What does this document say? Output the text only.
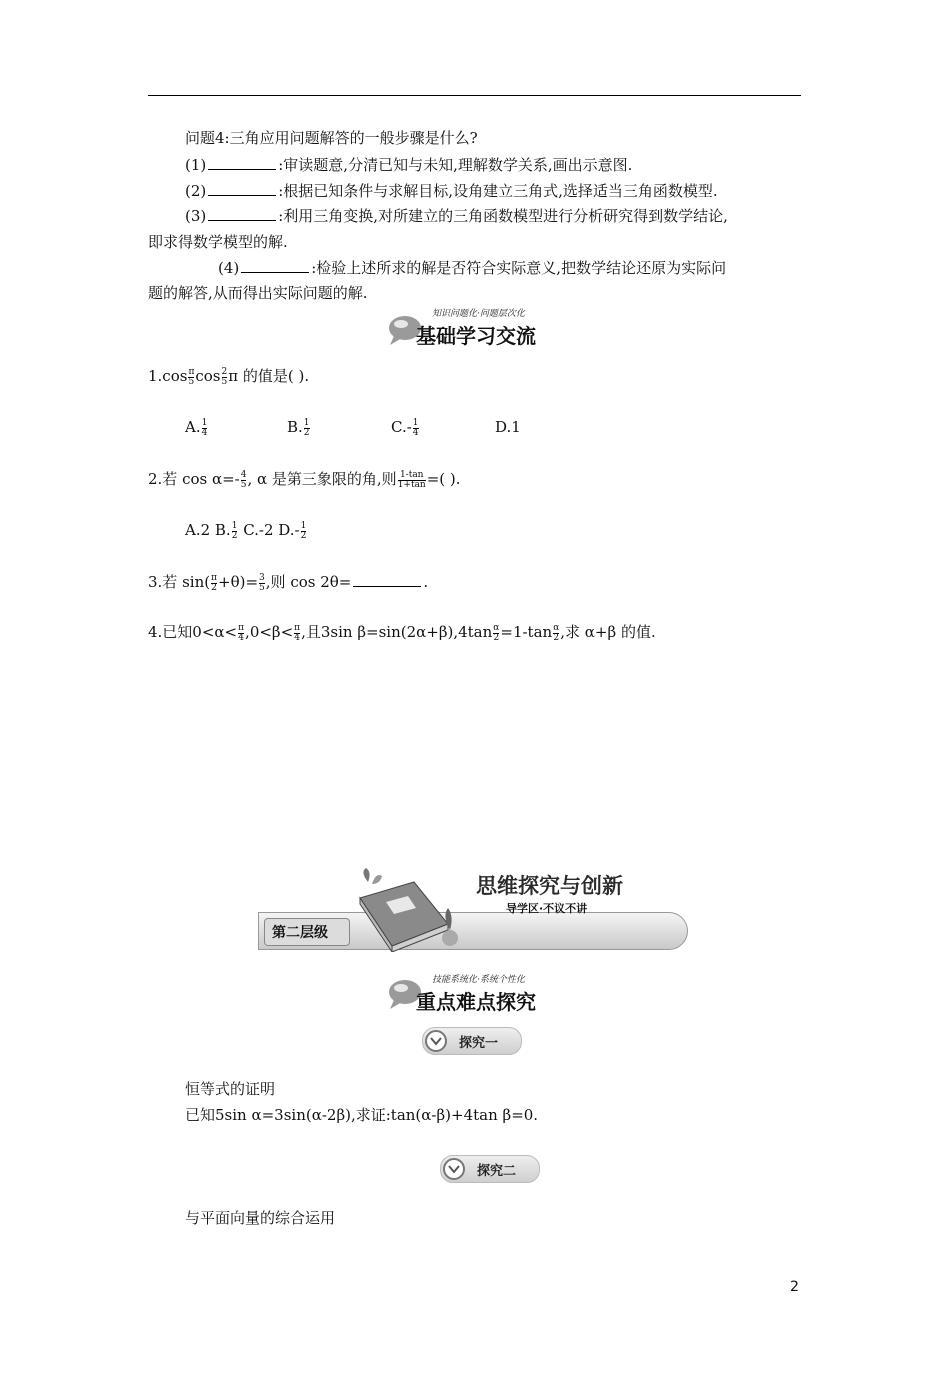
问题4:三角应用问题解答的一般步骤是什么?
(1)	:审读题意,分清已知与未知,理解数学关系,画出示意图.
(2)	:根据已知条件与求解目标,设角建立三角式,选择适当三角函数模型.
(3)	:利用三角变换,对所建立的三角函数模型进行分析研究得到数学结论,
即求得数学模型的解.
(4)	:检验上述所求的解是否符合实际意义,把数学结论还原为实际问
题的解答,从而得出实际问题的解.
知识问题化·问题层次化
基础学习交流
$1.\cos \frac{\pi}{5}$ $\cos \frac{2}{5}$ π 的值是( ).
A. $\frac{1}{4}$	B. $\frac{1}{2}$	$C.- \frac{1}{4}$	D.1
2.若 $\cos \alpha=- \frac{4}{5}$ , α 是第三象限的角,则 $\frac{1-\tan}{1+\tan}$ =( ).
A.2 B. $\frac{1}{2} C.-2$ $D.- \frac{1}{2}$
3.若 $\sin( \frac{\pi}{2} +\theta)= \frac{3}{5}$ ,则 cos 2θ=	.
4.已知$0<\alpha< \frac{\pi}{4} ,0<\beta< \frac{\pi}{4}$ ,且3sin $\beta=\sin(2\alpha+\beta),4\tan \frac{\alpha}{2} =1-\tan \frac{\alpha}{2}$ ,求 α+β 的值.
第二层级
思维探究与创新
导学区·不议不讲
技能系统化·系统个性化
重点难点探究
探究一
恒等式的证明
已知5sin α=3sin(α-2β),求证:tan(α-β)+4tan β=0.
探究二
与平面向量的综合运用
2
